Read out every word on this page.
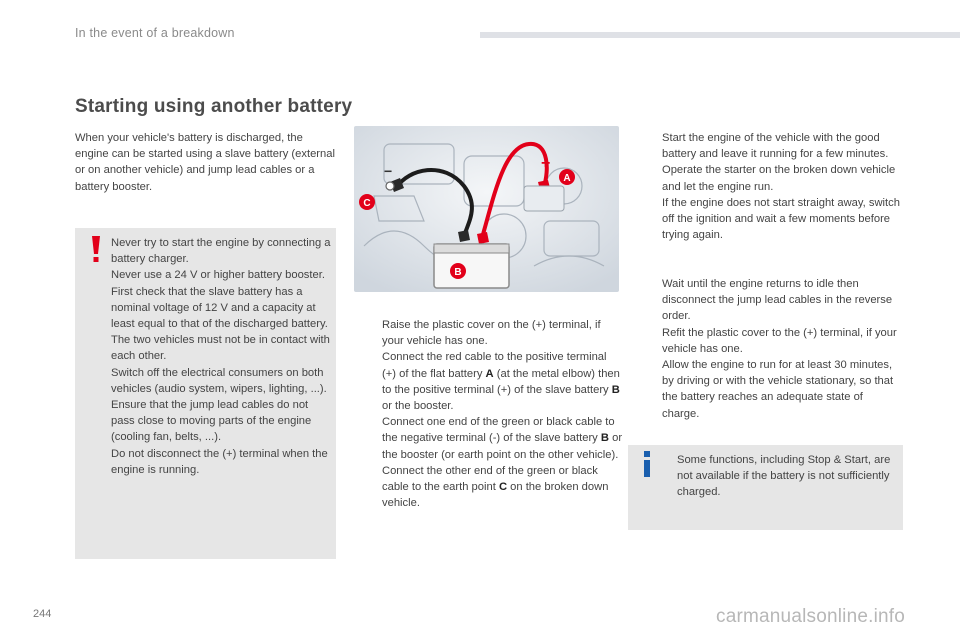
In the event of a breakdown
Starting using another battery
When your vehicle's battery is discharged, the engine can be started using a slave battery (external or on another vehicle) and jump lead cables or a battery booster.
Never try to start the engine by connecting a battery charger.
Never use a 24 V or higher battery booster.
First check that the slave battery has a nominal voltage of 12 V and a capacity at least equal to that of the discharged battery.
The two vehicles must not be in contact with each other.
Switch off the electrical consumers on both vehicles (audio system, wipers, lighting, ...).
Ensure that the jump lead cables do not pass close to moving parts of the engine (cooling fan, belts, ...).
Do not disconnect the (+) terminal when the engine is running.
+
−	A
C
B
Raise the plastic cover on the (+) terminal, if your vehicle has one.
Connect the red cable to the positive terminal (+) of the flat battery A (at the metal elbow) then to the positive terminal (+) of the slave battery B or the booster.
Connect one end of the green or black cable to the negative terminal (-) of the slave battery B or the booster (or earth point on the other vehicle).
Connect the other end of the green or black cable to the earth point C on the broken down vehicle.
Start the engine of the vehicle with the good battery and leave it running for a few minutes.
Operate the starter on the broken down vehicle and let the engine run.
If the engine does not start straight away, switch off the ignition and wait a few moments before trying again.
Wait until the engine returns to idle then disconnect the jump lead cables in the reverse order.
Refit the plastic cover to the (+) terminal, if your vehicle has one.
Allow the engine to run for at least 30 minutes, by driving or with the vehicle stationary, so that the battery reaches an adequate state of charge.
Some functions, including Stop & Start, are not available if the battery is not sufficiently charged.
244	carmanualsonline.info
